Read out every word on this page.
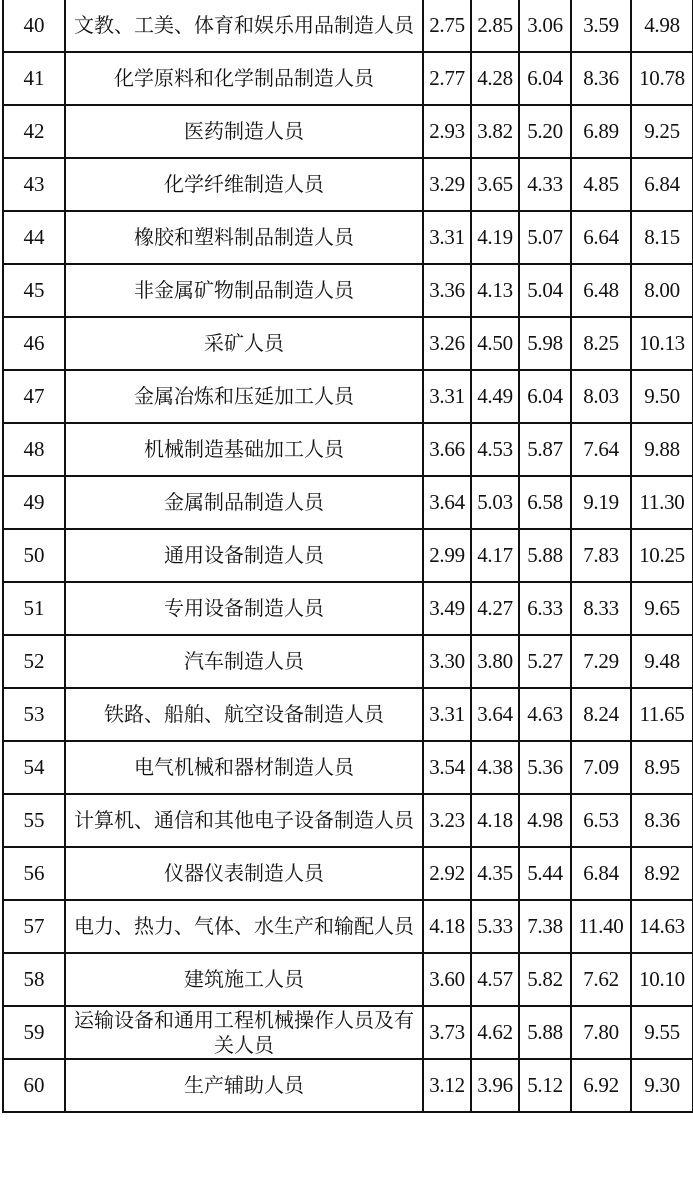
40	文教、工美、体育和娱乐用品制造人员	2.75	2.85	3.06	3.59	4.98
41	化学原料和化学制品制造人员	2.77	4.28	6.04	8.36	10.78
42	医药制造人员	2.93	3.82	5.20	6.89	9.25
43	化学纤维制造人员	3.29	3.65	4.33	4.85	6.84
44	橡胶和塑料制品制造人员	3.31	4.19	5.07	6.64	8.15
45	非金属矿物制品制造人员	3.36	4.13	5.04	6.48	8.00
46	采矿人员	3.26	4.50	5.98	8.25	10.13
47	金属冶炼和压延加工人员	3.31	4.49	6.04	8.03	9.50
48	机械制造基础加工人员	3.66	4.53	5.87	7.64	9.88
49	金属制品制造人员	3.64	5.03	6.58	9.19	11.30
50	通用设备制造人员	2.99	4.17	5.88	7.83	10.25
51	专用设备制造人员	3.49	4.27	6.33	8.33	9.65
52	汽车制造人员	3.30	3.80	5.27	7.29	9.48
53	铁路、船舶、航空设备制造人员	3.31	3.64	4.63	8.24	11.65
54	电气机械和器材制造人员	3.54	4.38	5.36	7.09	8.95
55	计算机、通信和其他电子设备制造人员	3.23	4.18	4.98	6.53	8.36
56	仪器仪表制造人员	2.92	4.35	5.44	6.84	8.92
57	电力、热力、气体、水生产和输配人员	4.18	5.33	7.38	11.40	14.63
58	建筑施工人员	3.60	4.57	5.82	7.62	10.10
59	运输设备和通用工程机械操作人员及有关人员	3.73	4.62	5.88	7.80	9.55
60	生产辅助人员	3.12	3.96	5.12	6.92	9.30
